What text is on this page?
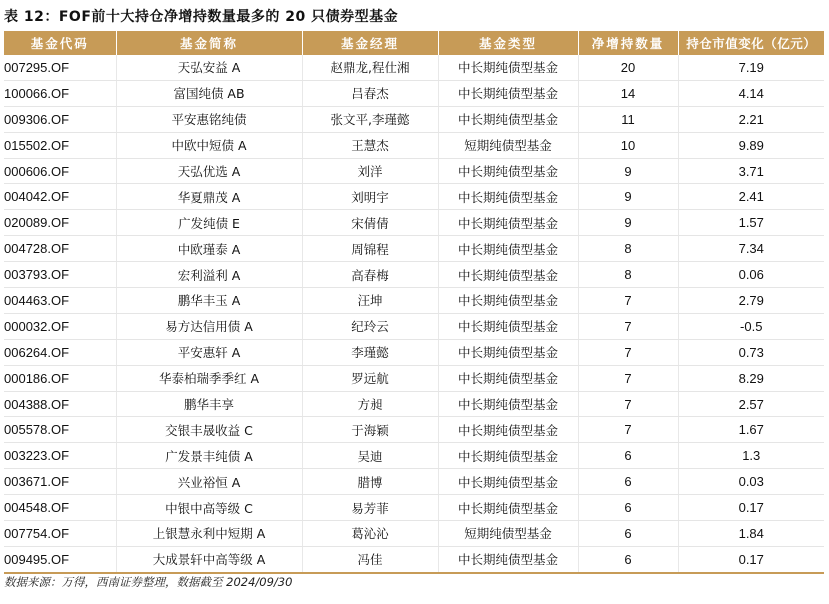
表 12：FOF前十大持仓净增持数量最多的 20 只债券型基金
基金代码	基金简称	基金经理	基金类型	净增持数量	持仓市值变化（亿元）
007295.OF	天弘安益 A	赵鼎龙,程仕湘	中长期纯债型基金	20	7.19
100066.OF	富国纯债 AB	吕春杰	中长期纯债型基金	14	4.14
009306.OF	平安惠铭纯债	张文平,李瑾懿	中长期纯债型基金	11	2.21
015502.OF	中欧中短债 A	王慧杰	短期纯债型基金	10	9.89
000606.OF	天弘优选 A	刘洋	中长期纯债型基金	9	3.71
004042.OF	华夏鼎茂 A	刘明宇	中长期纯债型基金	9	2.41
020089.OF	广发纯债 E	宋倩倩	中长期纯债型基金	9	1.57
004728.OF	中欧瑾泰 A	周锦程	中长期纯债型基金	8	7.34
003793.OF	宏利溢利 A	高春梅	中长期纯债型基金	8	0.06
004463.OF	鹏华丰玉 A	汪坤	中长期纯债型基金	7	2.79
000032.OF	易方达信用债 A	纪玲云	中长期纯债型基金	7	-0.5
006264.OF	平安惠轩 A	李瑾懿	中长期纯债型基金	7	0.73
000186.OF	华泰柏瑞季季红 A	罗远航	中长期纯债型基金	7	8.29
004388.OF	鹏华丰享	方昶	中长期纯债型基金	7	2.57
005578.OF	交银丰晟收益 C	于海颖	中长期纯债型基金	7	1.67
003223.OF	广发景丰纯债 A	吴迪	中长期纯债型基金	6	1.3
003671.OF	兴业裕恒 A	腊博	中长期纯债型基金	6	0.03
004548.OF	中银中高等级 C	易芳菲	中长期纯债型基金	6	0.17
007754.OF	上银慧永利中短期 A	葛沁沁	短期纯债型基金	6	1.84
009495.OF	大成景轩中高等级 A	冯佳	中长期纯债型基金	6	0.17
数据来源：万得，西南证券整理，数据截至 2024/09/30
